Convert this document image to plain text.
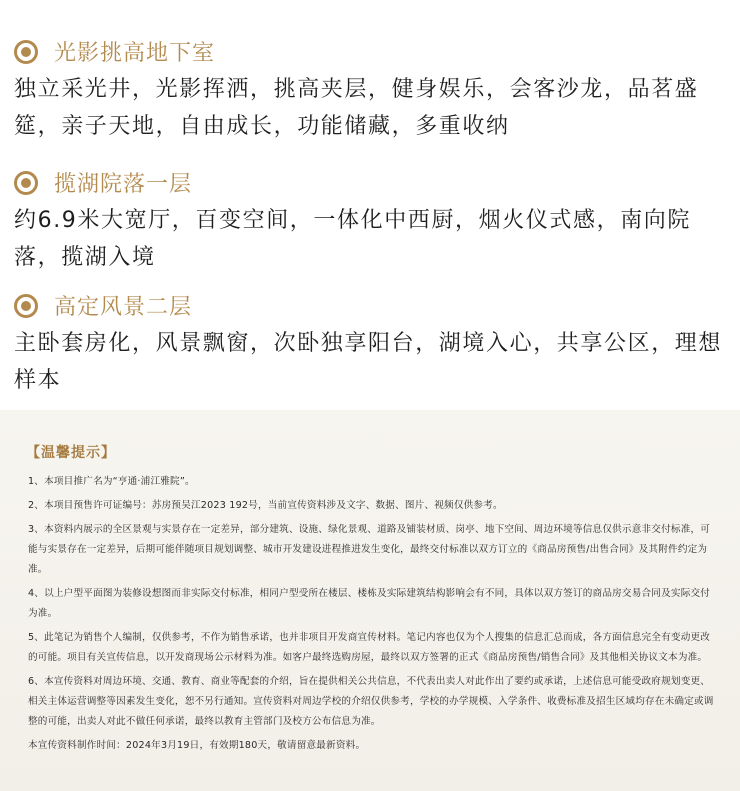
光影挑高地下室
独立采光井，光影挥洒，挑高夹层，健身娱乐，会客沙龙，品茗盛筵，亲子天地，自由成长，功能储藏，多重收纳
揽湖院落一层
约6.9米大宽厅，百变空间，一体化中西厨，烟火仪式感，南向院落，揽湖入境
高定风景二层
主卧套房化，风景飘窗，次卧独享阳台，湖境入心，共享公区，理想样本
【温馨提示】

1、本项目推广名为“亨通·浦江雅院”。

2、本项目预售许可证编号：苏房预吴江2023 192号，当前宣传资料涉及文字、数据、图片、视频仅供参考。

3、本资料内展示的全区景观与实景存在一定差异，部分建筑、设施、绿化景观、道路及铺装材质、岗亭、地下空间、周边环境等信息仅供示意非交付标准，可能与实景存在一定差异，后期可能伴随项目规划调整、城市开发建设进程推进发生变化，最终交付标准以双方订立的《商品房预售/出售合同》及其附件约定为准。

4、以上户型平面图为装修设想图而非实际交付标准，相同户型受所在楼层、楼栋及实际建筑结构影响会有不同，具体以双方签订的商品房交易合同及实际交付为准。

5、此笔记为销售个人编制，仅供参考，不作为销售承诺，也并非项目开发商宣传材料。笔记内容也仅为个人搜集的信息汇总而成，各方面信息完全有变动更改的可能。项目有关宣传信息，以开发商现场公示材料为准。如客户最终选购房屋，最终以双方签署的正式《商品房预售/销售合同》及其他相关协议文本为准。

6、本宣传资料对周边环境、交通、教育、商业等配套的介绍，旨在提供相关公共信息，不代表出卖人对此作出了要约或承诺，上述信息可能受政府规划变更、相关主体运营调整等因素发生变化，恕不另行通知。宣传资料对周边学校的介绍仅供参考，学校的办学规模、入学条件、收费标准及招生区域均存在未确定或调整的可能，出卖人对此不做任何承诺，最终以教育主管部门及校方公布信息为准。

本宣传资料制作时间：2024年3月19日，有效期180天，敬请留意最新资料。
